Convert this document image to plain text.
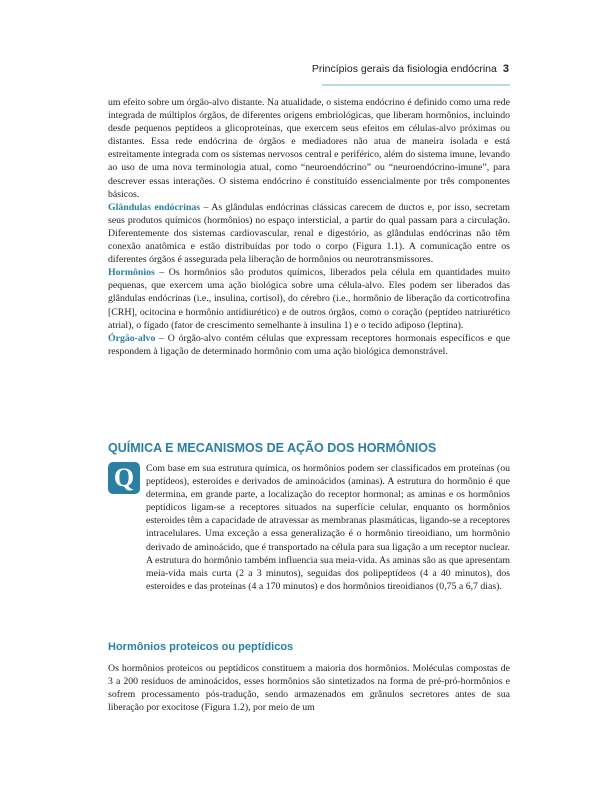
Princípios gerais da fisiologia endócrina 3
QUÍMICA E MECANISMOS DE AÇÃO DOS HORMÔNIOS
Q	Com base em sua estrutura química, os hormônios podem ser classificados em proteínas (ou peptídeos), esteroides e derivados de aminoácidos (aminas). A estrutura do hormônio é que determina, em grande parte, a localização do receptor hormonal; as aminas e os hormônios peptídicos ligam-se a receptores situados na superfície celular, enquanto os hormônios esteroides têm a capacidade de atravessar as membranas plasmáticas, ligando-se a receptores intracelulares. Uma exceção a essa generalização é o hormônio tireoidiano, um hormônio derivado de aminoácido, que é transportado na célula para sua ligação a um receptor nuclear. A estrutura do hormônio também influencia sua meia-vida. As aminas são as que apresentam meia-vida mais curta (2 a 3 minutos), seguidas dos polipeptídeos (4 a 40 minutos), dos esteroides e das proteínas (4 a 170 minutos) e dos hormônios tireoidianos (0,75 a 6,7 dias).

Hormônios proteicos ou peptídicos

Os hormônios proteicos ou peptídicos constituem a maioria dos hormônios. Moléculas compostas de 3 a 200 resíduos de aminoácidos, esses hormônios são sintetizados na forma de pré-pró-hormônios e sofrem processamento pós-tradução, sendo armazenados em grânulos secretores antes de sua liberação por exocitose (Figura 1.2), por meio de um

um efeito sobre um órgão-alvo distante. Na atualidade, o sistema endócrino é definido como uma rede integrada de múltiplos órgãos, de diferentes origens embriológicas, que liberam hormônios, incluindo desde pequenos peptídeos a glicoproteínas, que exercem seus efeitos em células-alvo próximas ou distantes. Essa rede endócrina de órgãos e mediadores não atua de maneira isolada e está estreitamente integrada com os sistemas nervosos central e periférico, além do sistema imune, levando ao uso de uma nova terminologia atual, como “neuroendócrino” ou “neuroendócrino-imune”, para descrever essas interações. O sistema endócrino é constituído essencialmente por três componentes básicos.

Glândulas endócrinas – As glândulas endócrinas clássicas carecem de ductos e, por isso, secretam seus produtos químicos (hormônios) no espaço intersticial, a partir do qual passam para a circulação. Diferentemente dos sistemas cardiovascular, renal e digestório, as glândulas endócrinas não têm conexão anatômica e estão distribuídas por todo o corpo (Figura 1.1). A comunicação entre os diferentes órgãos é assegurada pela liberação de hormônios ou neurotransmissores.

Hormônios – Os hormônios são produtos químicos, liberados pela célula em quantidades muito pequenas, que exercem uma ação biológica sobre uma célula-alvo. Eles podem ser liberados das glândulas endócrinas (i.e., insulina, cortisol), do cérebro (i.e., hormônio de liberação da corticotrofina [CRH], ocitocina e hormônio antidiurético) e de outros órgãos, como o coração (peptídeo natriurético atrial), o fígado (fator de crescimento semelhante à insulina 1) e o tecido adiposo (leptina).

Órgão-alvo – O órgão-alvo contém células que expressam receptores hormonais específicos e que respondem à ligação de determinado hormônio com uma ação biológica demonstrável.
